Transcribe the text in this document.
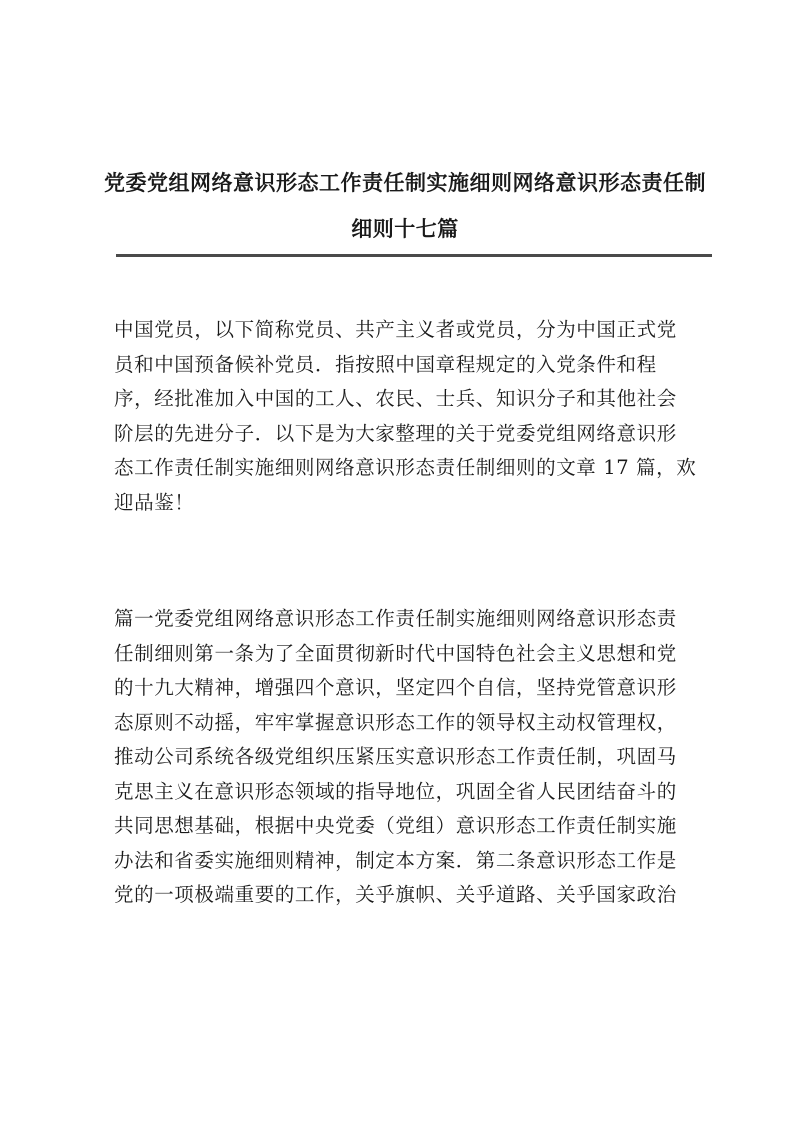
党委党组网络意识形态工作责任制实施细则网络意识形态责任制
细则十七篇
中国党员，以下简称党员、共产主义者或党员，分为中国正式党
员和中国预备候补党员．指按照中国章程规定的入党条件和程
序，经批准加入中国的工人、农民、士兵、知识分子和其他社会
阶层的先进分子．以下是为大家整理的关于党委党组网络意识形
态工作责任制实施细则网络意识形态责任制细则的文章 17 篇，欢
迎品鉴！
篇一党委党组网络意识形态工作责任制实施细则网络意识形态责
任制细则第一条为了全面贯彻新时代中国特色社会主义思想和党
的十九大精神，增强四个意识，坚定四个自信，坚持党管意识形
态原则不动摇，牢牢掌握意识形态工作的领导权主动权管理权，
推动公司系统各级党组织压紧压实意识形态工作责任制，巩固马
克思主义在意识形态领域的指导地位，巩固全省人民团结奋斗的
共同思想基础，根据中央党委（党组）意识形态工作责任制实施
办法和省委实施细则精神，制定本方案．第二条意识形态工作是
党的一项极端重要的工作，关乎旗帜、关乎道路、关乎国家政治
